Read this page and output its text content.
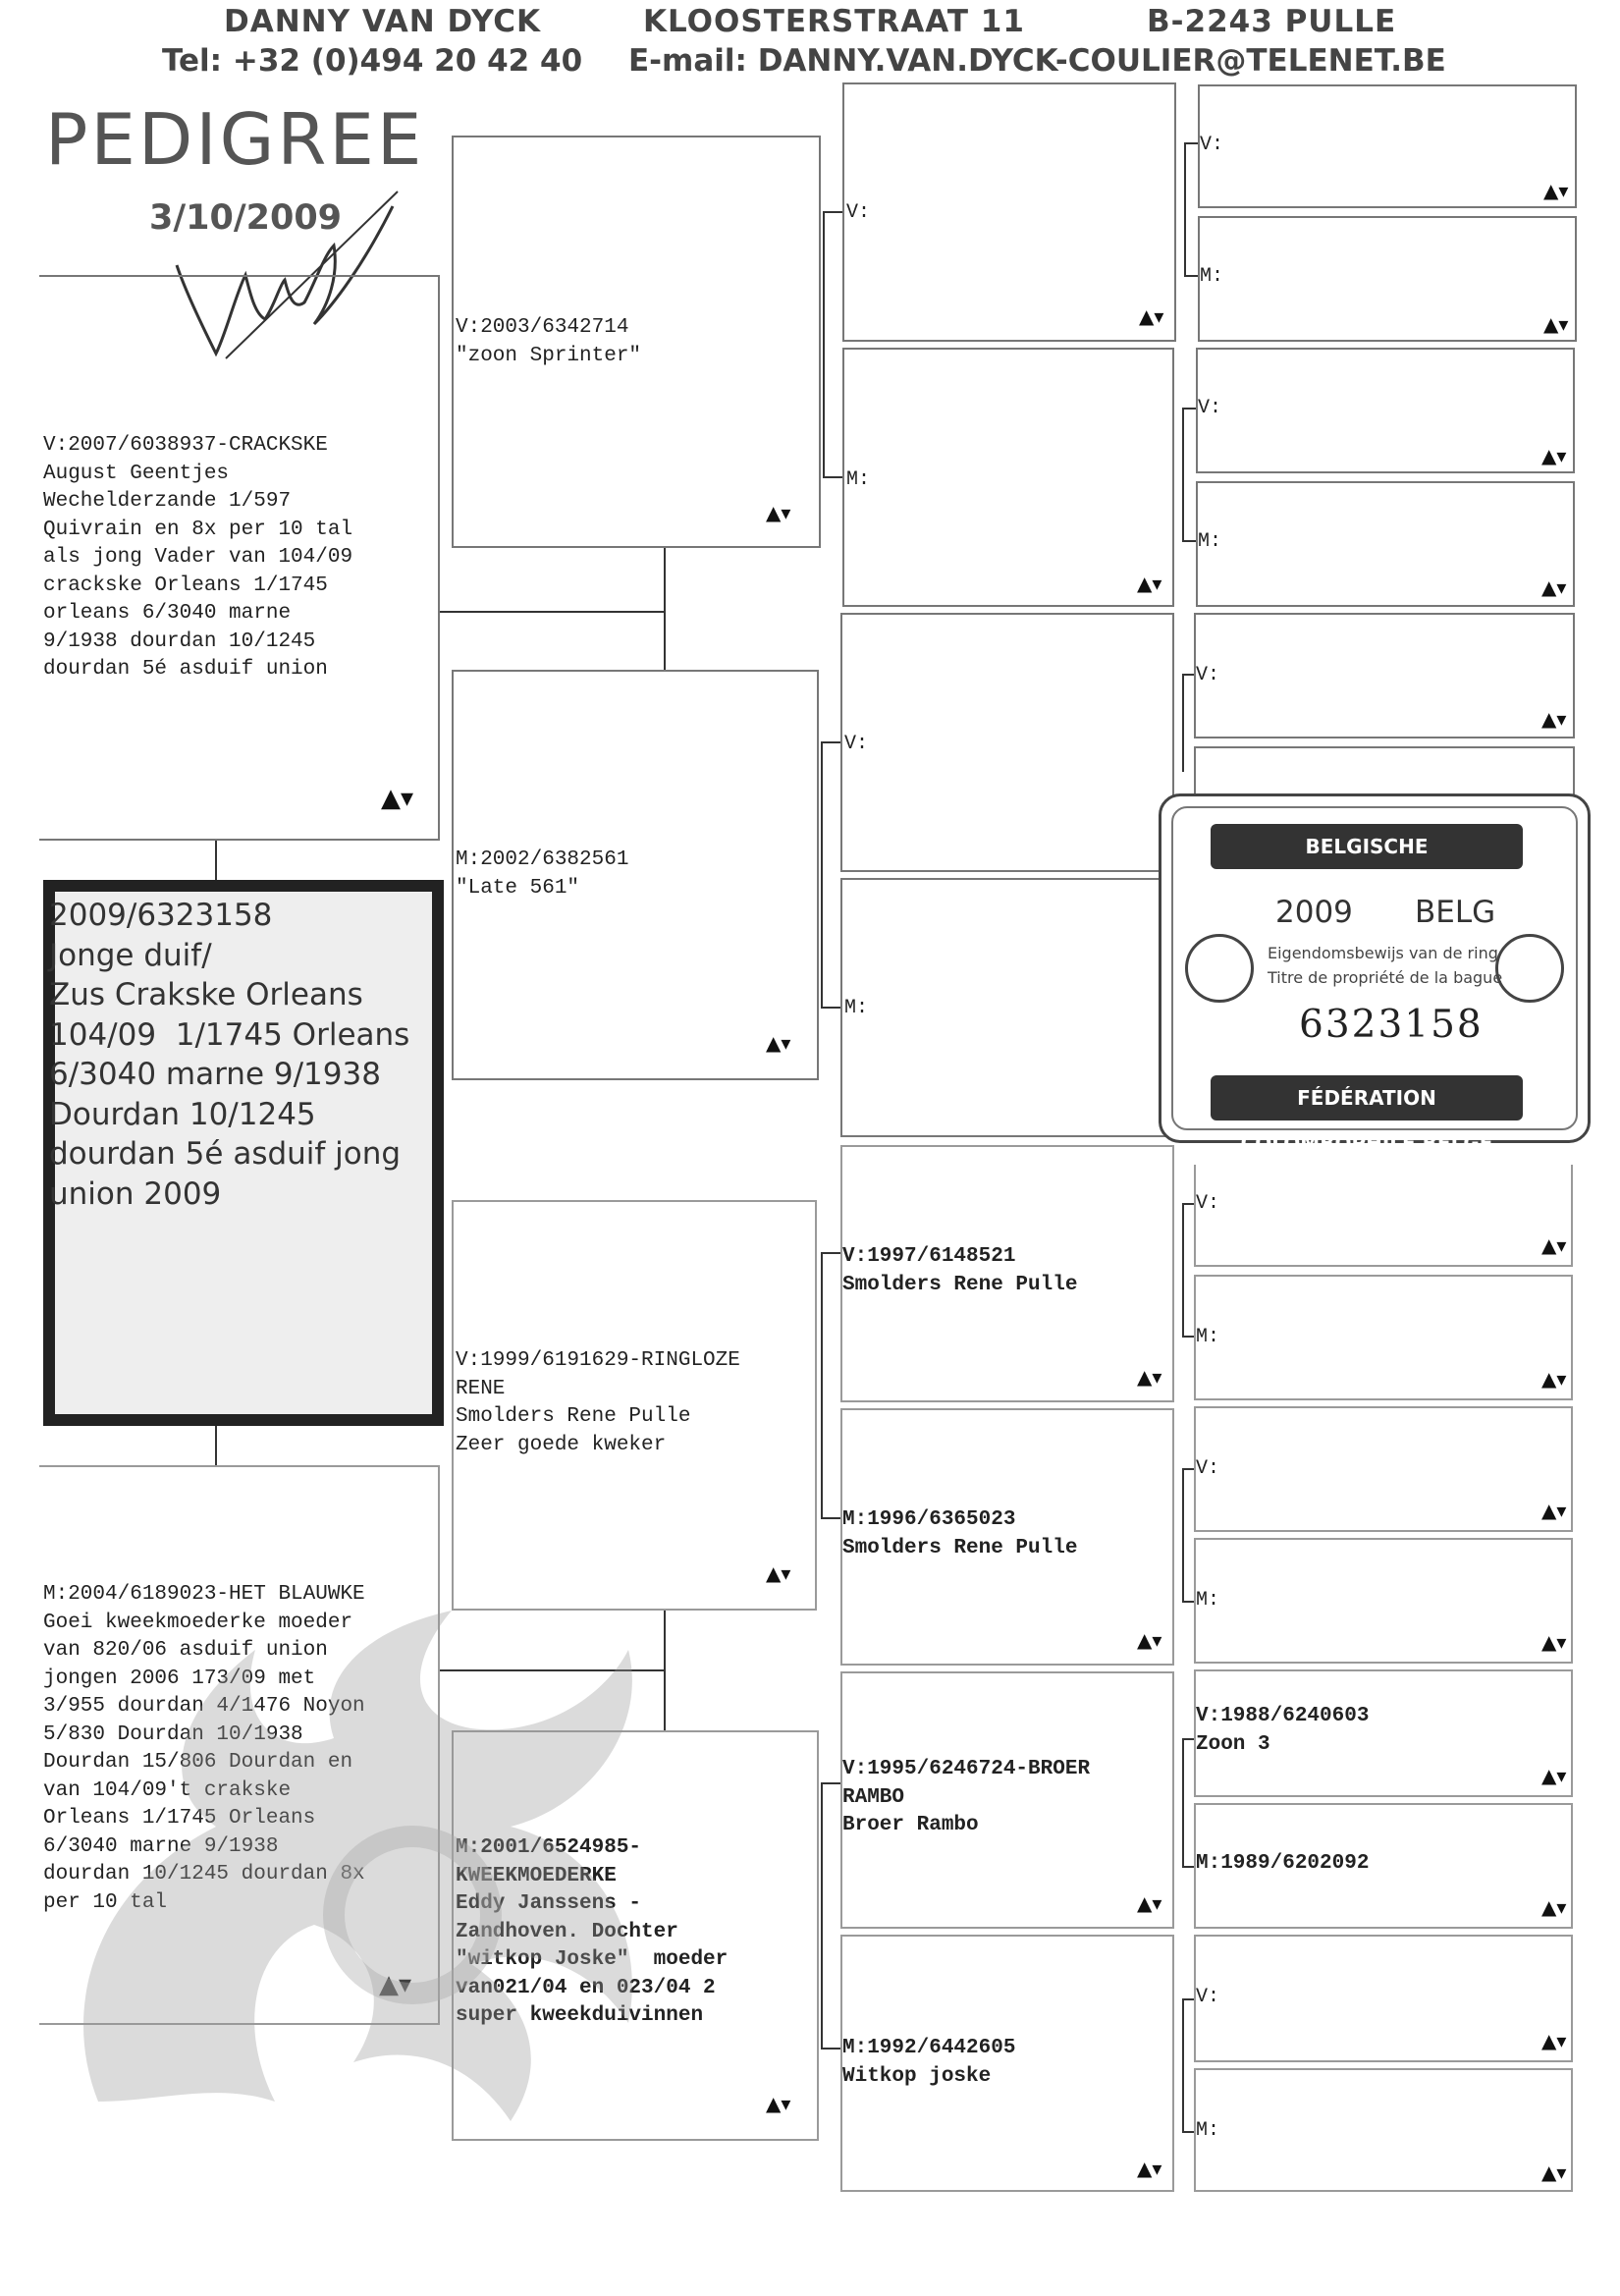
DANNY VAN DYCK	KLOOSTERSTRAAT 11	B-2243 PULLE
Tel: +32 (0)494 20 42 40 E-mail: DANNY.VAN.DYCK-COULIER@TELENET.BE
PEDIGREE
3/10/2009
2009/6323158
Jonge duif/
Zus Crakske Orleans
104/09  1/1745 Orleans
6/3040 marne 9/1938
Dourdan 10/1245
dourdan 5é asduif jong
union 2009
V:2007/6038937-CRACKSKE
August Geentjes
Wechelderzande 1/597
Quivrain en 8x per 10 tal
als jong Vader van 104/09
crackske Orleans 1/1745
orleans 6/3040 marne
9/1938 dourdan 10/1245
dourdan 5é asduif union
▲▾
M:2004/6189023-HET BLAUWKE
Goei kweekmoederke moeder
van 820/06 asduif union
jongen 2006 173/09 met
3/955 dourdan 4/1476 Noyon
5/830 Dourdan 10/1938
Dourdan 15/806 Dourdan en
van 104/09't crakske
Orleans 1/1745 Orleans
6/3040 marne 9/1938
dourdan 10/1245 dourdan 8x
per 10 tal
▲▾
V:2003/6342714
"zoon Sprinter"
▲▾
M:2002/6382561
"Late 561"
▲▾
V:1999/6191629-RINGLOZE
RENE
Smolders Rene Pulle
Zeer goede kweker
▲▾
M:2001/6524985-
KWEEKMOEDERKE
Eddy Janssens -
Zandhoven. Dochter
"witkop Joske"  moeder
van021/04 en 023/04 2
super kweekduivinnen
▲▾
V:
▲▾
M:
▲▾
V:
M:
V:1997/6148521
Smolders Rene Pulle
▲▾
M:1996/6365023
Smolders Rene Pulle
▲▾
V:1995/6246724-BROER
RAMBO
Broer Rambo
▲▾
M:1992/6442605
Witkop joske
▲▾
V:
▲▾
M:
▲▾
V:
▲▾
M:
▲▾
V:
▲▾
V:
▲▾
M:
▲▾
V:
▲▾
M:
▲▾
V:1988/6240603
Zoon 3
▲▾
M:1989/6202092
▲▾
V:
▲▾
M:
▲▾
BELGISCHE DUIVENLIEFHEBBERSBOND
2009 BELG
Eigendomsbewijs van de ring
Titre de propriété de la bague
6323158
FÉDÉRATION COLOMBOPHILE BELGE
